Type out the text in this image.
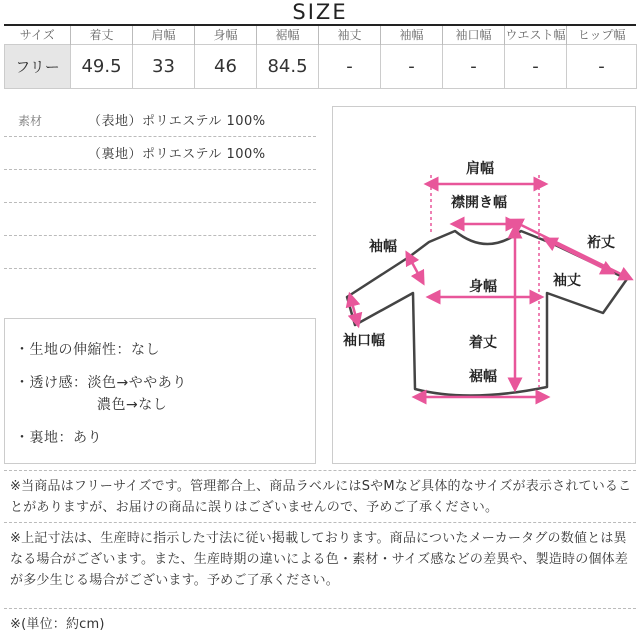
SIZE
サイズ	着丈	肩幅	身幅	裾幅	袖丈	袖幅	袖口幅	ウエスト幅	ヒップ幅
フリー	49.5	33	46	84.5	-	-	-	-	-
素材	（表地）ポリエステル 100%
（裏地）ポリエステル 100%
・生地の伸縮性：なし
・透け感：淡色→ややあり
濃色→なし
・裏地：あり
肩幅
襟開き幅
袖幅	裄丈
袖丈
身幅
袖口幅	着丈
裾幅
※当商品はフリーサイズです。管理都合上、商品ラベルにはSやMなど具体的なサイズが表示されていることがありますが、お届けの商品に誤りはございませんので、予めご了承ください。
※上記寸法は、生産時に指示した寸法に従い掲載しております。商品についたメーカータグの数値とは異なる場合がございます。また、生産時期の違いによる色・素材・サイズ感などの差異や、製造時の個体差が多少生じる場合がございます。予めご了承ください。
※(単位：約cm)
